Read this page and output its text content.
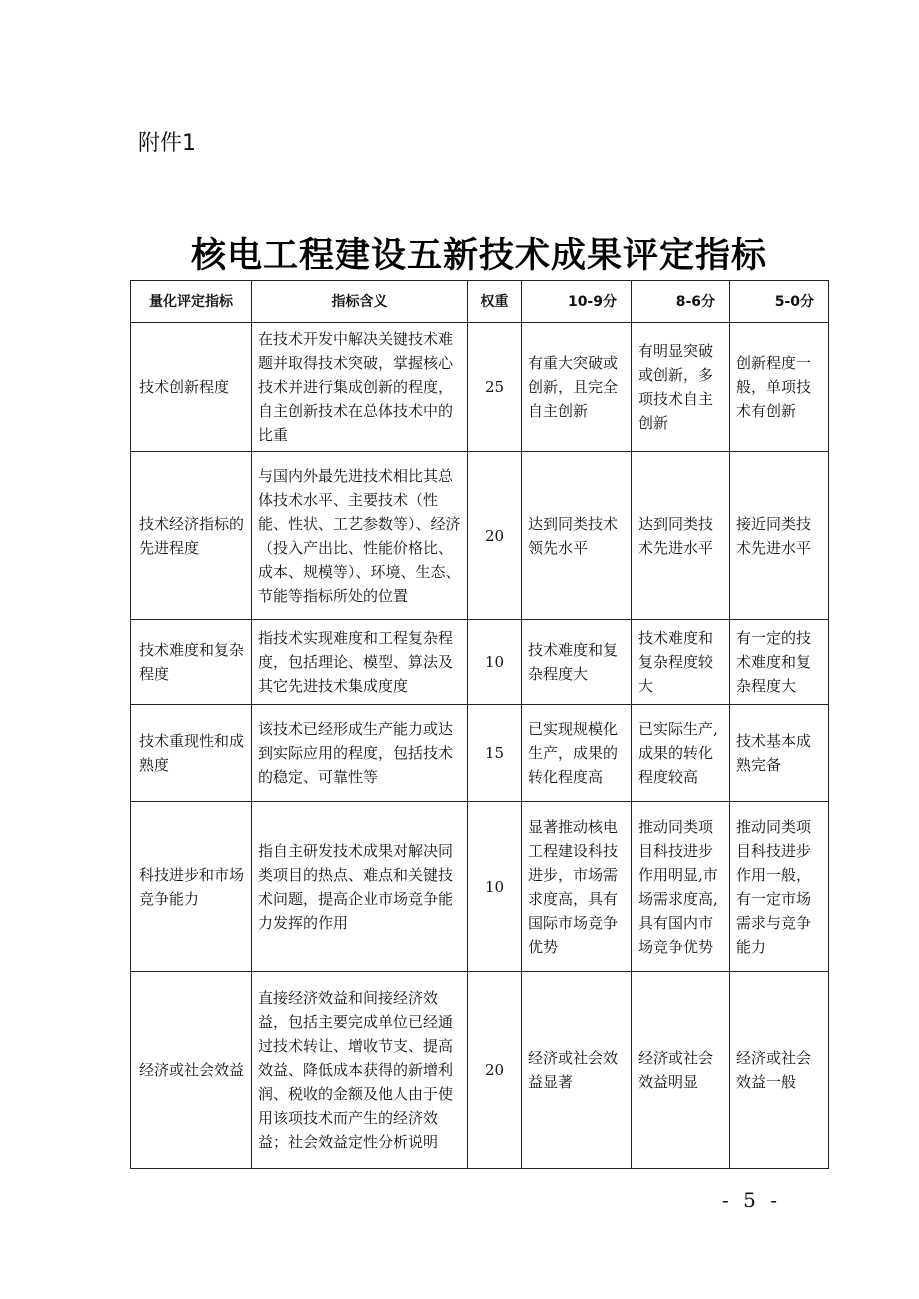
附件1
核电工程建设五新技术成果评定指标
量化评定指标	指标含义	权重	10-9分	8-6分	5-0分
技术创新程度	在技术开发中解决关键技术难题并取得技术突破，掌握核心技术并进行集成创新的程度，自主创新技术在总体技术中的比重	25	有重大突破或创新，且完全自主创新	有明显突破或创新，多项技术自主创新	创新程度一般，单项技术有创新
技术经济指标的先进程度	与国内外最先进技术相比其总体技术水平、主要技术（性能、性状、工艺参数等）、经济（投入产出比、性能价格比、成本、规模等）、环境、生态、节能等指标所处的位置	20	达到同类技术领先水平	达到同类技术先进水平	接近同类技术先进水平
技术难度和复杂程度	指技术实现难度和工程复杂程度，包括理论、模型、算法及其它先进技术集成度度	10	技术难度和复杂程度大	技术难度和复杂程度较大	有一定的技术难度和复杂程度大
技术重现性和成熟度	该技术已经形成生产能力或达到实际应用的程度，包括技术的稳定、可靠性等	15	已实现规模化生产，成果的转化程度高	已实际生产,成果的转化程度较高	技术基本成熟完备
科技进步和市场竞争能力	指自主研发技术成果对解决同类项目的热点、难点和关键技术问题，提高企业市场竞争能力发挥的作用	10	显著推动核电工程建设科技进步，市场需求度高，具有国际市场竞争优势	推动同类项目科技进步作用明显,市场需求度高,具有国内市场竞争优势	推动同类项目科技进步作用一般，有一定市场需求与竞争能力
经济或社会效益	直接经济效益和间接经济效益，包括主要完成单位已经通过技术转让、增收节支、提高效益、降低成本获得的新增利润、税收的金额及他人由于使用该项技术而产生的经济效益；社会效益定性分析说明	20	经济或社会效益显著	经济或社会效益明显	经济或社会效益一般
- 5 -
